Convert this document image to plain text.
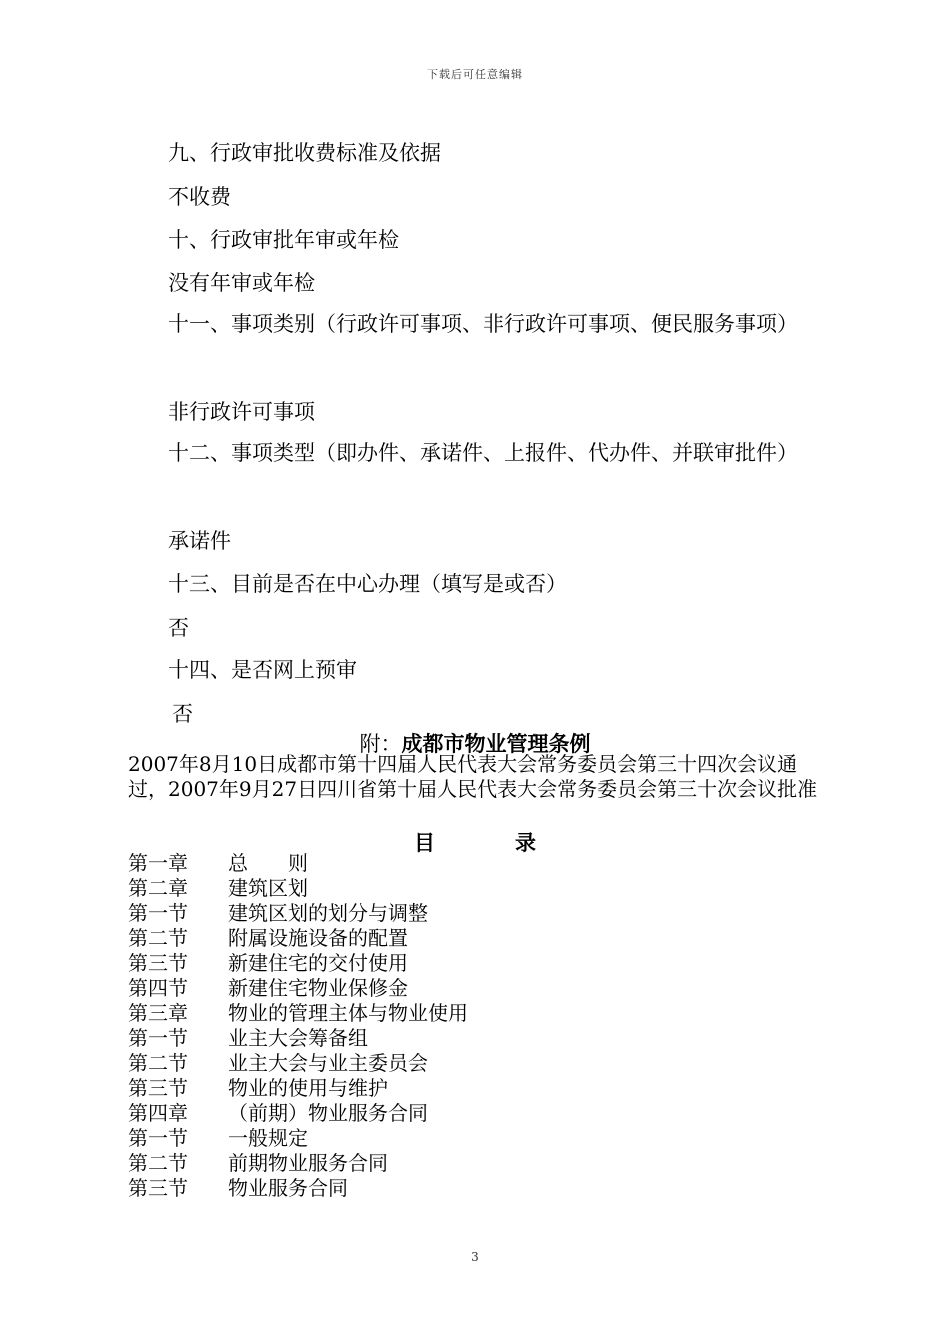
下载后可任意编辑
九、行政审批收费标准及依据
不收费
十、行政审批年审或年检
没有年审或年检
十一、事项类别（行政许可事项、非行政许可事项、便民服务事项）
非行政许可事项
十二、事项类型（即办件、承诺件、上报件、代办件、并联审批件）
承诺件
十三、目前是否在中心办理（填写是或否）
否
十四、是否网上预审
否
附：成都市物业管理条例
2007年8月10日成都市第十四届人民代表大会常务委员会第三十四次会议通过，2007年9月27日四川省第十届人民代表大会常务委员会第三十次会议批准
目录
第一章 总　　则
第二章 建筑区划
第一节 建筑区划的划分与调整
第二节 附属设施设备的配置
第三节 新建住宅的交付使用
第四节 新建住宅物业保修金
第三章 物业的管理主体与物业使用
第一节 业主大会筹备组
第二节 业主大会与业主委员会
第三节 物业的使用与维护
第四章 （前期）物业服务合同
第一节 一般规定
第二节 前期物业服务合同
第三节 物业服务合同
3
